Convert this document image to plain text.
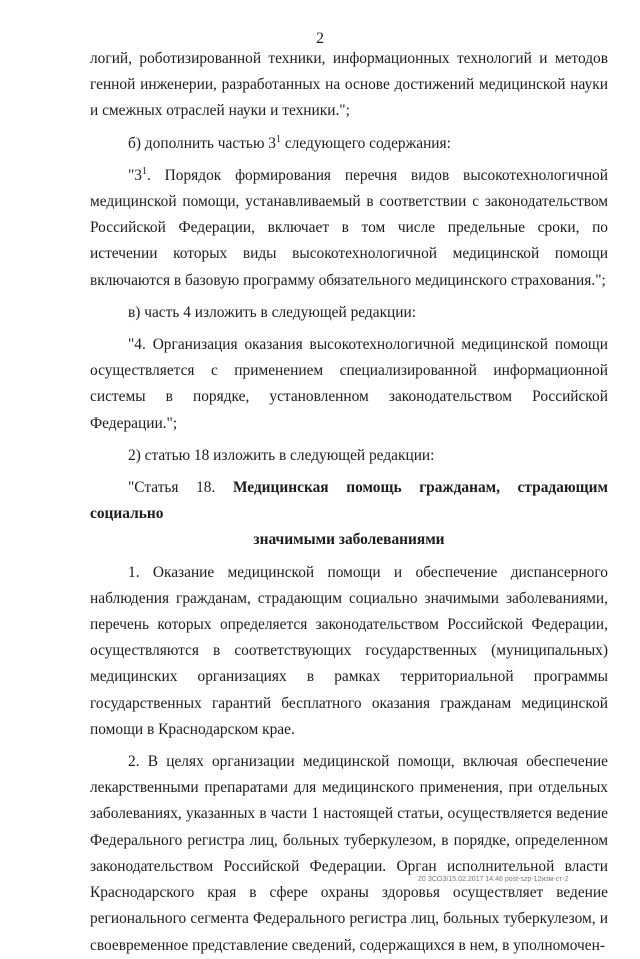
2

логий, роботизированной техники, информационных технологий и методов генной инженерии, разработанных на основе достижений медицинской науки и смежных отраслей науки и техники.";

б) дополнить частью $3^1$ следующего содержания:

"$3^1$. Порядок формирования перечня видов высокотехнологичной медицинской помощи, устанавливаемый в соответствии с законодательством Российской Федерации, включает в том числе предельные сроки, по истечении которых виды высокотехнологичной медицинской помощи включаются в базовую программу обязательного медицинского страхования.";

в) часть 4 изложить в следующей редакции:

"4. Организация оказания высокотехнологичной медицинской помощи осуществляется с применением специализированной информационной системы в порядке, установленном законодательством Российской Федерации.";

2) статью 18 изложить в следующей редакции:

"Статья 18. Медицинская помощь гражданам, страдающим социально

значимыми заболеваниями

1. Оказание медицинской помощи и обеспечение диспансерного наблюдения гражданам, страдающим социально значимыми заболеваниями, перечень которых определяется законодательством Российской Федерации, осуществляются в соответствующих государственных (муниципальных) медицинских организациях в рамках территориальной программы государственных гарантий бесплатного оказания гражданам медицинской помощи в Краснодарском крае.

2. В целях организации медицинской помощи, включая обеспечение лекарственными препаратами для медицинского применения, при отдельных заболеваниях, указанных в части 1 настоящей статьи, осуществляется ведение Федерального регистра лиц, больных туберкулезом, в порядке, определенном законодательством Российской Федерации. Орган исполнительной власти Краснодарского края в сфере охраны здоровья осуществляет ведение регионального сегмента Федерального регистра лиц, больных туберкулезом, и своевременное представление сведений, содержащихся в нем, в уполномочен-

20 ЗСОЗ/15.02.2017 14:48 post-szp-12изм-ст-2
